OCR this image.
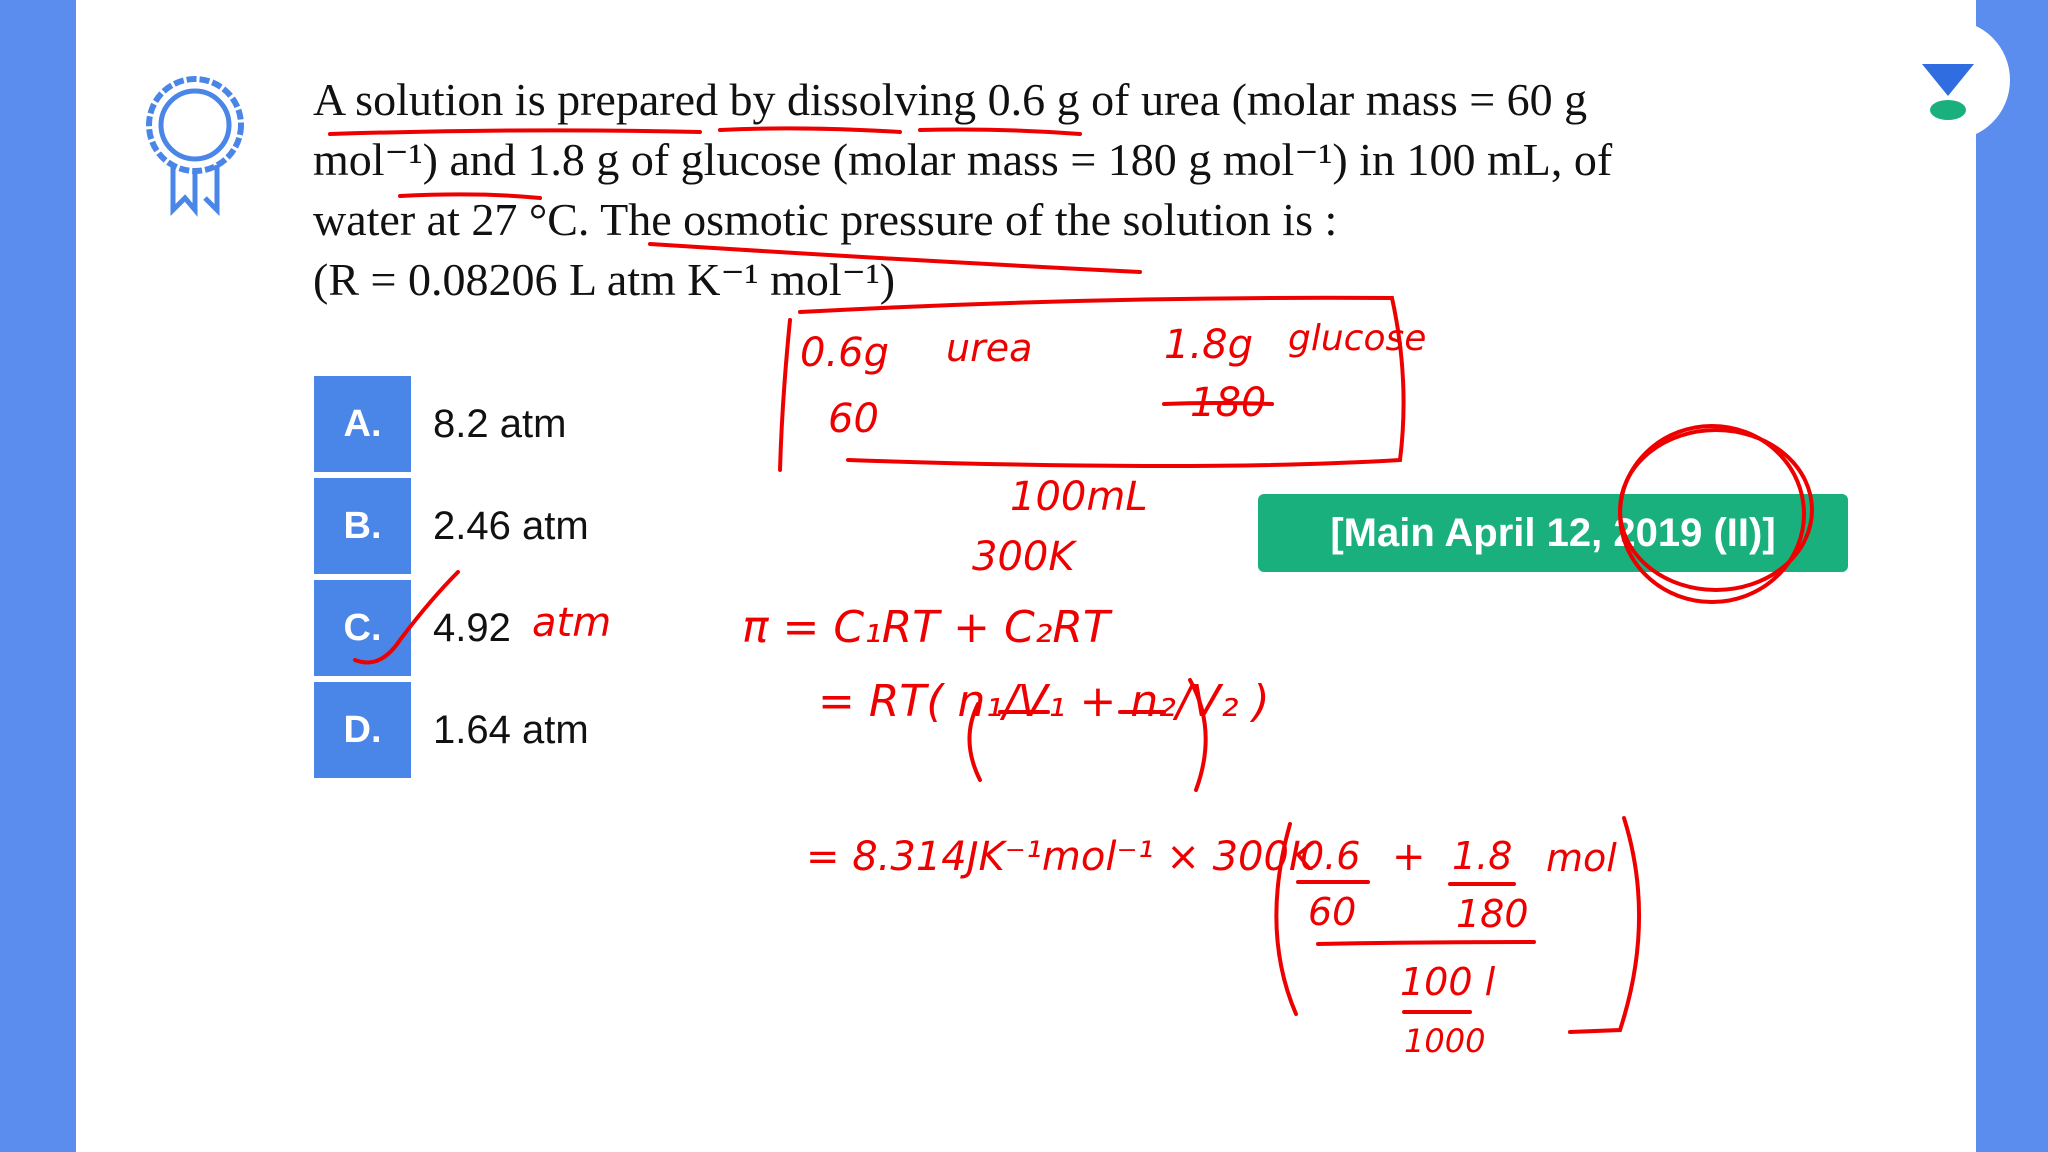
A solution is prepared by dissolving 0.6 g of urea (molar mass = 60 g
mol⁻¹) and 1.8 g of glucose (molar mass = 180 g mol⁻¹) in 100 mL, of
water at 27 °C. The osmotic pressure of the solution is :
(R = 0.08206 L atm K⁻¹ mol⁻¹)
A.	8.2 atm
B.	2.46 atm
C.	4.92
D.	1.64 atm
[Main April 12, 2019 (II)]
0.6g urea
60
1.8g glucose
180
100mL
300K
atm	π = C₁RT + C₂RT
= RT( n₁/V₁ + n₂/V₂ )
= 8.314JK⁻¹mol⁻¹ × 300K
0.6
60
+ 1.8
180
mol
100 l
1000
